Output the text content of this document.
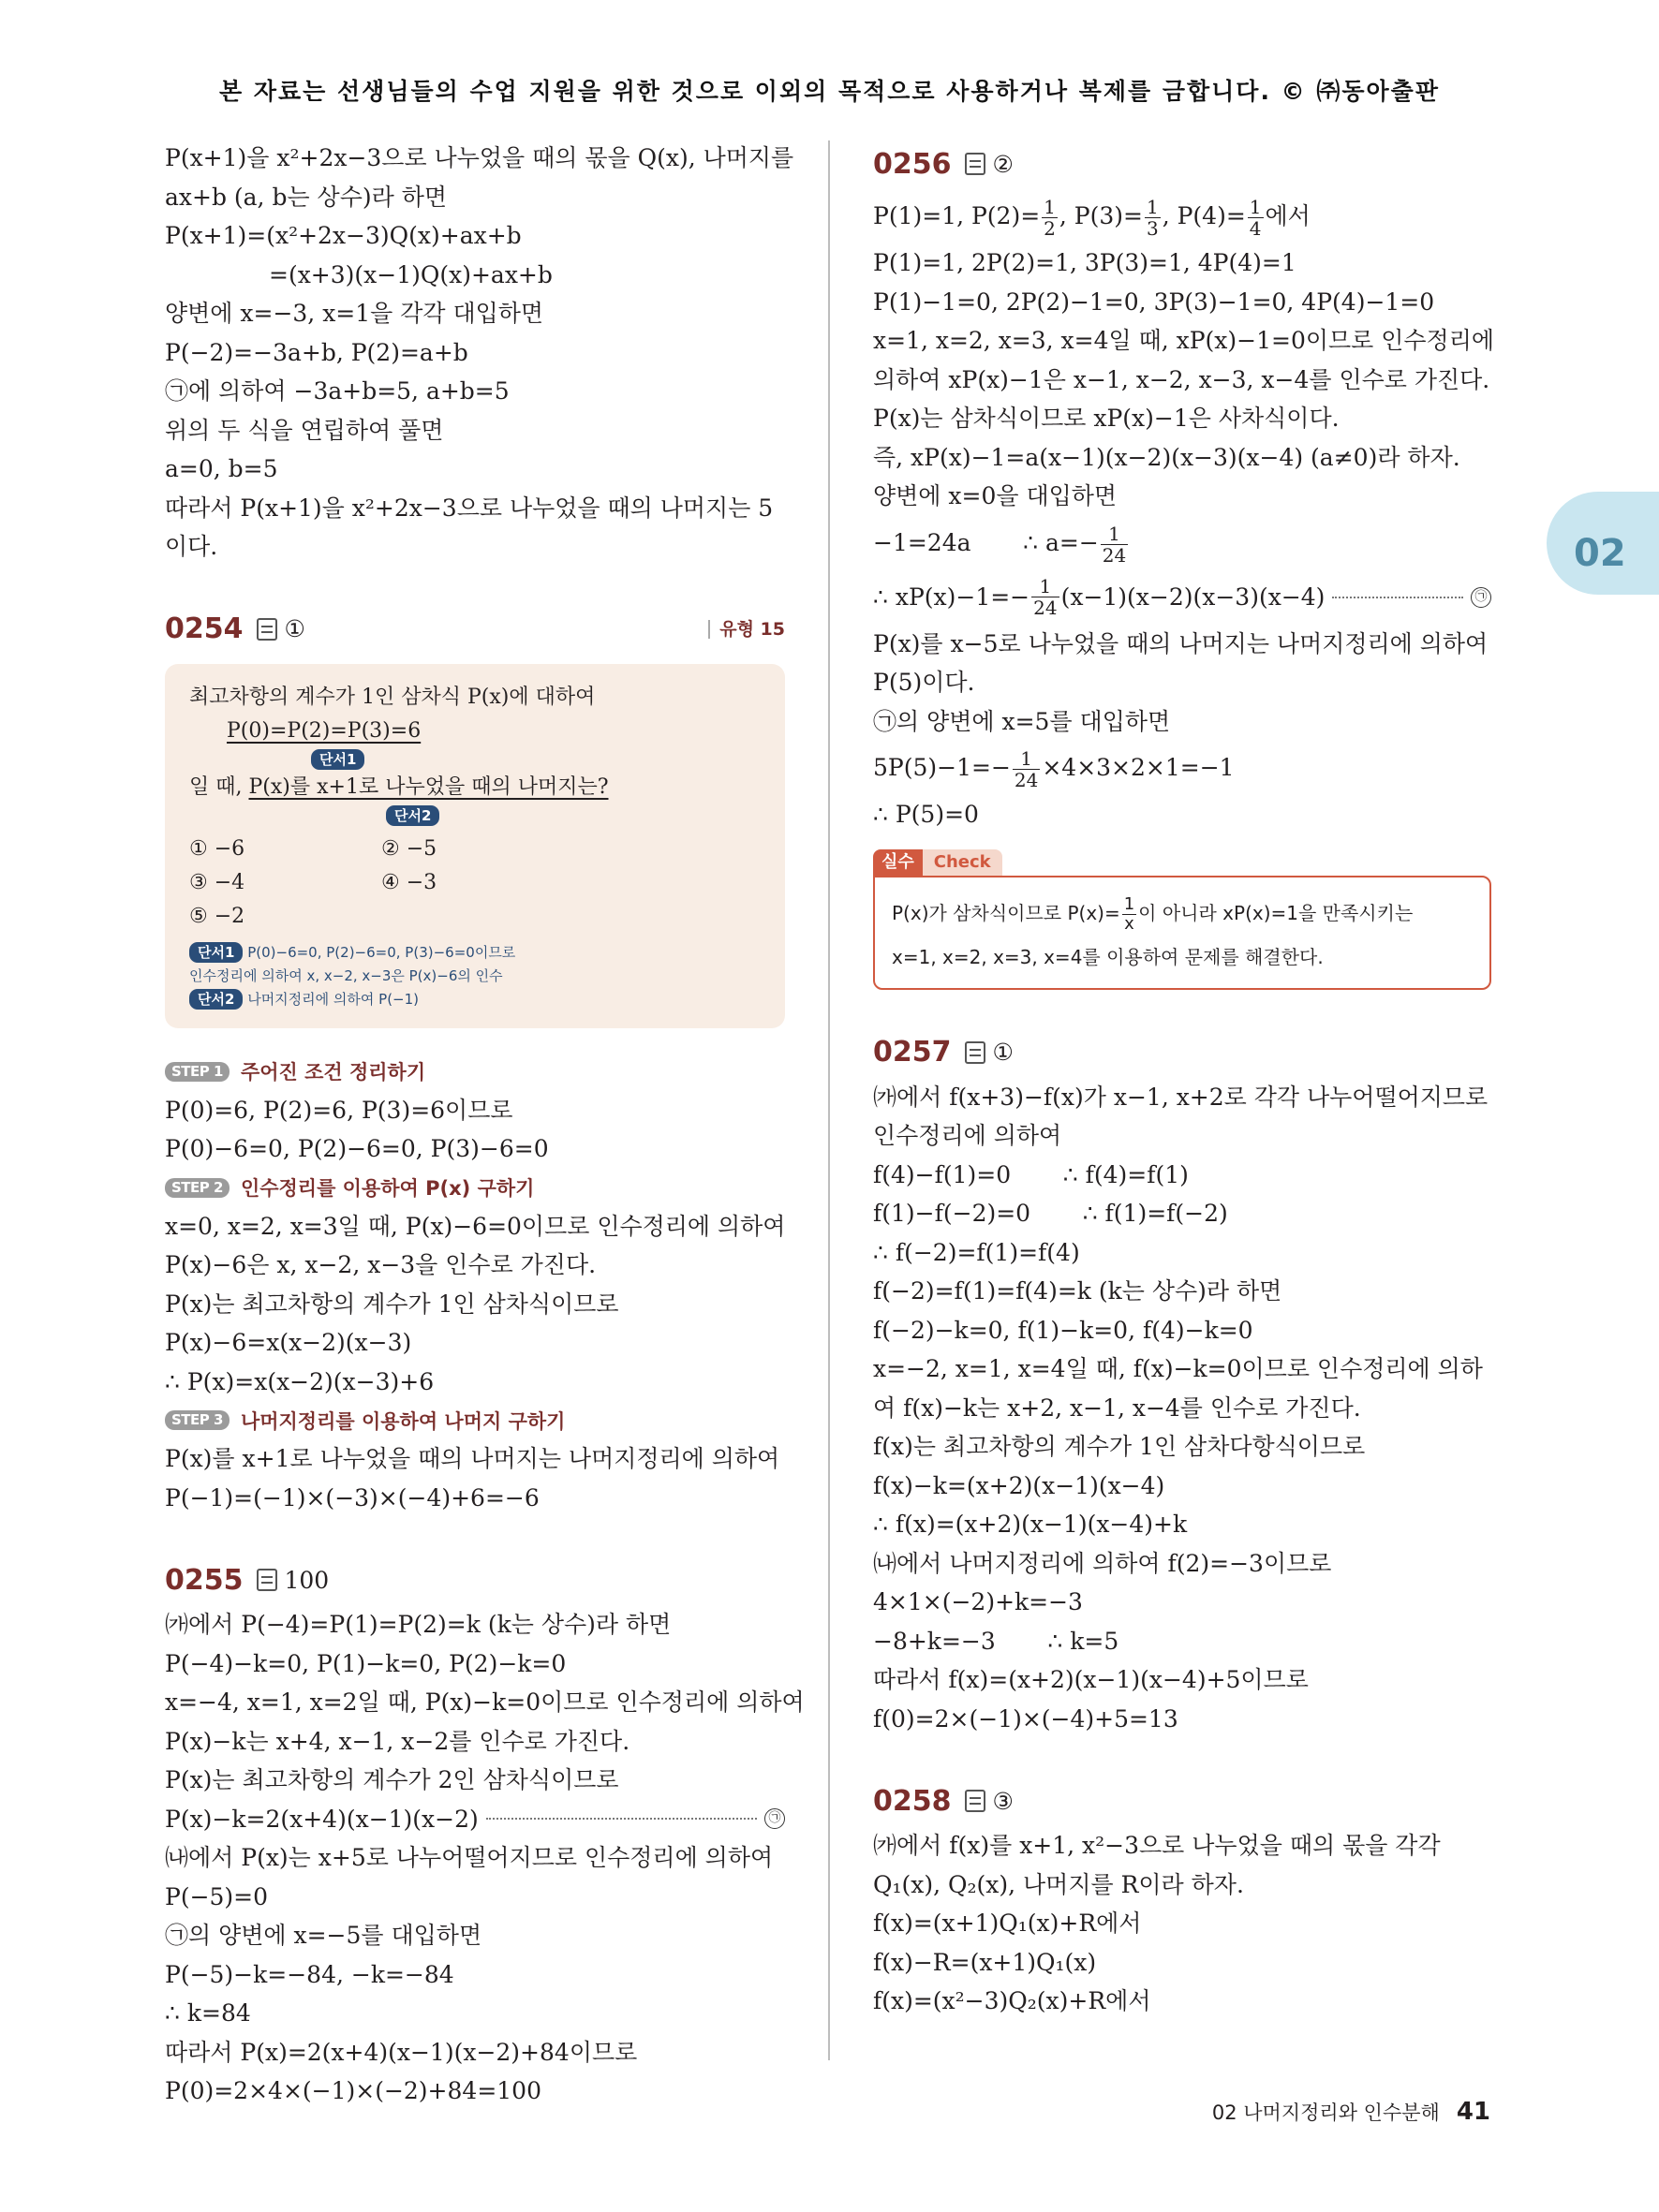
본 자료는 선생님들의 수업 지원을 위한 것으로 이외의 목적으로 사용하거나 복제를 금합니다. © ㈜동아출판
02
P(x+1)을 x²+2x−3으로 나누었을 때의 몫을 Q(x), 나머지를
ax+b (a, b는 상수)라 하면
P(x+1)=(x²+2x−3)Q(x)+ax+b
=(x+3)(x−1)Q(x)+ax+b
양변에 x=−3, x=1을 각각 대입하면
P(−2)=−3a+b, P(2)=a+b
㉠에 의하여 −3a+b=5, a+b=5
위의 두 식을 연립하여 풀면
a=0, b=5
따라서 P(x+1)을 x²+2x−3으로 나누었을 때의 나머지는 5
이다.
0254 ①	유형 15
최고차항의 계수가 1인 삼차식 P(x)에 대하여
P(0)=P(2)=P(3)=6
단서1
일 때, P(x)를 x+1로 나누었을 때의 나머지는?
단서2
① −6	② −5
③ −4	④ −3
⑤ −2
단서1 P(0)−6=0, P(2)−6=0, P(3)−6=0이므로
인수정리에 의하여 x, x−2, x−3은 P(x)−6의 인수
단서2 나머지정리에 의하여 P(−1)
STEP 1 주어진 조건 정리하기
P(0)=6, P(2)=6, P(3)=6이므로
P(0)−6=0, P(2)−6=0, P(3)−6=0
STEP 2 인수정리를 이용하여 P(x) 구하기
x=0, x=2, x=3일 때, P(x)−6=0이므로 인수정리에 의하여
P(x)−6은 x, x−2, x−3을 인수로 가진다.
P(x)는 최고차항의 계수가 1인 삼차식이므로
P(x)−6=x(x−2)(x−3)
∴ P(x)=x(x−2)(x−3)+6
STEP 3 나머지정리를 이용하여 나머지 구하기
P(x)를 x+1로 나누었을 때의 나머지는 나머지정리에 의하여
P(−1)=(−1)×(−3)×(−4)+6=−6
0255 100
㈎에서 P(−4)=P(1)=P(2)=k (k는 상수)라 하면
P(−4)−k=0, P(1)−k=0, P(2)−k=0
x=−4, x=1, x=2일 때, P(x)−k=0이므로 인수정리에 의하여
P(x)−k는 x+4, x−1, x−2를 인수로 가진다.
P(x)는 최고차항의 계수가 2인 삼차식이므로
P(x)−k=2(x+4)(x−1)(x−2)	㉠
㈏에서 P(x)는 x+5로 나누어떨어지므로 인수정리에 의하여
P(−5)=0
㉠의 양변에 x=−5를 대입하면
P(−5)−k=−84, −k=−84
∴ k=84
따라서 P(x)=2(x+4)(x−1)(x−2)+84이므로
P(0)=2×4×(−1)×(−2)+84=100
0256 ②
P(1)=1, $P(2)= \frac{1}{2}$ , $P(3)= \frac{1}{3}$ , $P(4)= \frac{1}{4}$ 에서
P(1)=1, 2P(2)=1, 3P(3)=1, 4P(4)=1
P(1)−1=0, 2P(2)−1=0, 3P(3)−1=0, 4P(4)−1=0
x=1, x=2, x=3, x=4일 때, xP(x)−1=0이므로 인수정리에
의하여 xP(x)−1은 x−1, x−2, x−3, x−4를 인수로 가진다.
P(x)는 삼차식이므로 xP(x)−1은 사차식이다.
즉, xP(x)−1=a(x−1)(x−2)(x−3)(x−4) (a≠0)라 하자.
양변에 x=0을 대입하면
−1=24a       ∴ $a=- \frac{1}{24}$
∴ $xP(x)-1=- \frac{1}{24} (x-1)(x-2)(x-3)(x-4)$	㉠
P(x)를 x−5로 나누었을 때의 나머지는 나머지정리에 의하여
P(5)이다.
㉠의 양변에 x=5를 대입하면
$5P(5)-1=- \frac{1}{24} \times 4\times 3\times 2\times 1=-1$
∴ P(5)=0
실수	Check
P(x)가 삼차식이므로 $P(x)= \frac{1}{x}$ 이 아니라 xP(x)=1을 만족시키는
x=1, x=2, x=3, x=4를 이용하여 문제를 해결한다.
0257 ①
㈎에서 f(x+3)−f(x)가 x−1, x+2로 각각 나누어떨어지므로
인수정리에 의하여
f(4)−f(1)=0       ∴ f(4)=f(1)
f(1)−f(−2)=0       ∴ f(1)=f(−2)
∴ f(−2)=f(1)=f(4)
f(−2)=f(1)=f(4)=k (k는 상수)라 하면
f(−2)−k=0, f(1)−k=0, f(4)−k=0
x=−2, x=1, x=4일 때, f(x)−k=0이므로 인수정리에 의하
여 f(x)−k는 x+2, x−1, x−4를 인수로 가진다.
f(x)는 최고차항의 계수가 1인 삼차다항식이므로
f(x)−k=(x+2)(x−1)(x−4)
∴ f(x)=(x+2)(x−1)(x−4)+k
㈏에서 나머지정리에 의하여 f(2)=−3이므로
4×1×(−2)+k=−3
−8+k=−3       ∴ k=5
따라서 f(x)=(x+2)(x−1)(x−4)+5이므로
f(0)=2×(−1)×(−4)+5=13
0258 ③
㈎에서 f(x)를 x+1, x²−3으로 나누었을 때의 몫을 각각
Q₁(x), Q₂(x), 나머지를 R이라 하자.
f(x)=(x+1)Q₁(x)+R에서
f(x)−R=(x+1)Q₁(x)
f(x)=(x²−3)Q₂(x)+R에서
02 나머지정리와 인수분해 41
